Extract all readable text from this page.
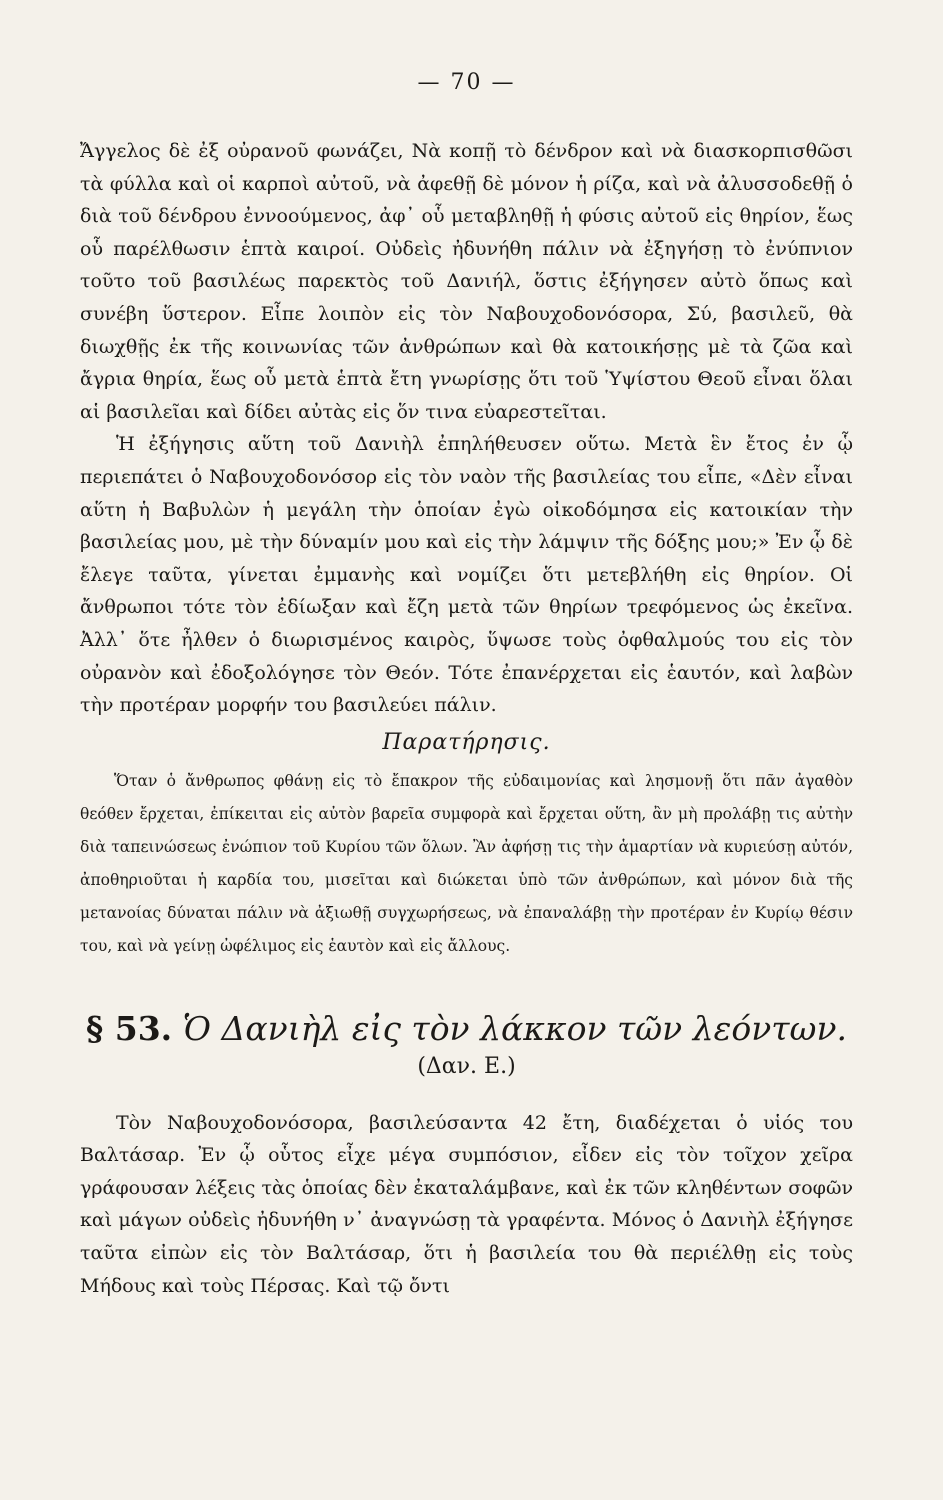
— 70 —

Ἄγγελος δὲ ἐξ οὐρανοῦ φωνάζει, Νὰ κοπῇ τὸ δένδρον καὶ νὰ διασκορπισθῶσι τὰ φύλλα καὶ οἱ καρποὶ αὐτοῦ, νὰ ἀφεθῇ δὲ μόνον ἡ ρίζα, καὶ νὰ ἀλυσσοδεθῇ ὁ διὰ τοῦ δένδρου ἐννοούμενος, ἀφ᾽ οὗ μεταβληθῇ ἡ φύσις αὐτοῦ εἰς θηρίον, ἕως οὗ παρέλθωσιν ἑπτὰ καιροί. Οὐδεὶς ἠδυνήθη πάλιν νὰ ἐξηγήσῃ τὸ ἐνύπνιον τοῦτο τοῦ βασιλέως παρεκτὸς τοῦ Δανιήλ, ὅστις ἐξήγησεν αὐτὸ ὅπως καὶ συνέβη ὕστερον. Εἶπε λοιπὸν εἰς τὸν Ναβουχοδονόσορα, Σύ, βασιλεῦ, θὰ διωχθῇς ἐκ τῆς κοινωνίας τῶν ἀνθρώπων καὶ θὰ κατοικήσῃς μὲ τὰ ζῶα καὶ ἄγρια θηρία, ἕως οὗ μετὰ ἑπτὰ ἔτη γνωρίσῃς ὅτι τοῦ Ὑψίστου Θεοῦ εἶναι ὅλαι αἱ βασιλεῖαι καὶ δίδει αὐτὰς εἰς ὅν τινα εὐαρεστεῖται.

Ἡ ἐξήγησις αὕτη τοῦ Δανιὴλ ἐπηλήθευσεν οὕτω. Μετὰ ἓν ἔτος ἐν ᾧ περιεπάτει ὁ Ναβουχοδονόσορ εἰς τὸν ναὸν τῆς βασιλείας του εἶπε, «Δὲν εἶναι αὕτη ἡ Βαβυλὼν ἡ μεγάλη τὴν ὁποίαν ἐγὼ οἰκοδόμησα εἰς κατοικίαν τὴν βασιλείας μου, μὲ τὴν δύναμίν μου καὶ εἰς τὴν λάμψιν τῆς δόξης μου;» Ἐν ᾧ δὲ ἔλεγε ταῦτα, γίνεται ἐμμανὴς καὶ νομίζει ὅτι μετεβλήθη εἰς θηρίον. Οἱ ἄνθρωποι τότε τὸν ἐδίωξαν καὶ ἔζη μετὰ τῶν θηρίων τρεφόμενος ὡς ἐκεῖνα. Ἀλλ᾽ ὅτε ἦλθεν ὁ διωρισμένος καιρὸς, ὕψωσε τοὺς ὀφθαλμούς του εἰς τὸν οὐρανὸν καὶ ἐδοξολόγησε τὸν Θεόν. Τότε ἐπανέρχεται εἰς ἑαυτόν, καὶ λαβὼν τὴν προτέραν μορφήν του βασιλεύει πάλιν.

Παρατήρησις.

Ὅταν ὁ ἄνθρωπος φθάνῃ εἰς τὸ ἔπακρον τῆς εὐδαιμονίας καὶ λησμονῇ ὅτι πᾶν ἀγαθὸν θεόθεν ἔρχεται, ἐπίκειται εἰς αὐτὸν βαρεῖα συμφορὰ καὶ ἔρχεται οὕτη, ἂν μὴ προλάβῃ τις αὐτὴν διὰ ταπεινώσεως ἐνώπιον τοῦ Κυρίου τῶν ὅλων. Ἂν ἀφήσῃ τις τὴν ἁμαρτίαν νὰ κυριεύσῃ αὐτόν, ἀποθηριοῦται ἡ καρδία του, μισεῖται καὶ διώκεται ὑπὸ τῶν ἀνθρώπων, καὶ μόνον διὰ τῆς μετανοίας δύναται πάλιν νὰ ἀξιωθῇ συγχωρήσεως, νὰ ἐπαναλάβῃ τὴν προτέραν ἐν Κυρίῳ θέσιν του, καὶ νὰ γείνῃ ὠφέλιμος εἰς ἑαυτὸν καὶ εἰς ἄλλους.

§ 53. Ὁ Δανιὴλ εἰς τὸν λάκκον τῶν λεόντων.
(Δαν. Ε.)

Τὸν Ναβουχοδονόσορα, βασιλεύσαντα 42 ἔτη, διαδέχεται ὁ υἱός του Βαλτάσαρ. Ἐν ᾧ οὗτος εἶχε μέγα συμπόσιον, εἶδεν εἰς τὸν τοῖχον χεῖρα γράφουσαν λέξεις τὰς ὁποίας δὲν ἐκαταλάμβανε, καὶ ἐκ τῶν κληθέντων σοφῶν καὶ μάγων οὐδεὶς ἠδυνήθη ν᾽ ἀναγνώσῃ τὰ γραφέντα. Μόνος ὁ Δανιὴλ ἐξήγησε ταῦτα εἰπὼν εἰς τὸν Βαλτάσαρ, ὅτι ἡ βασιλεία του θὰ περιέλθῃ εἰς τοὺς Μήδους καὶ τοὺς Πέρσας. Καὶ τῷ ὄντι
